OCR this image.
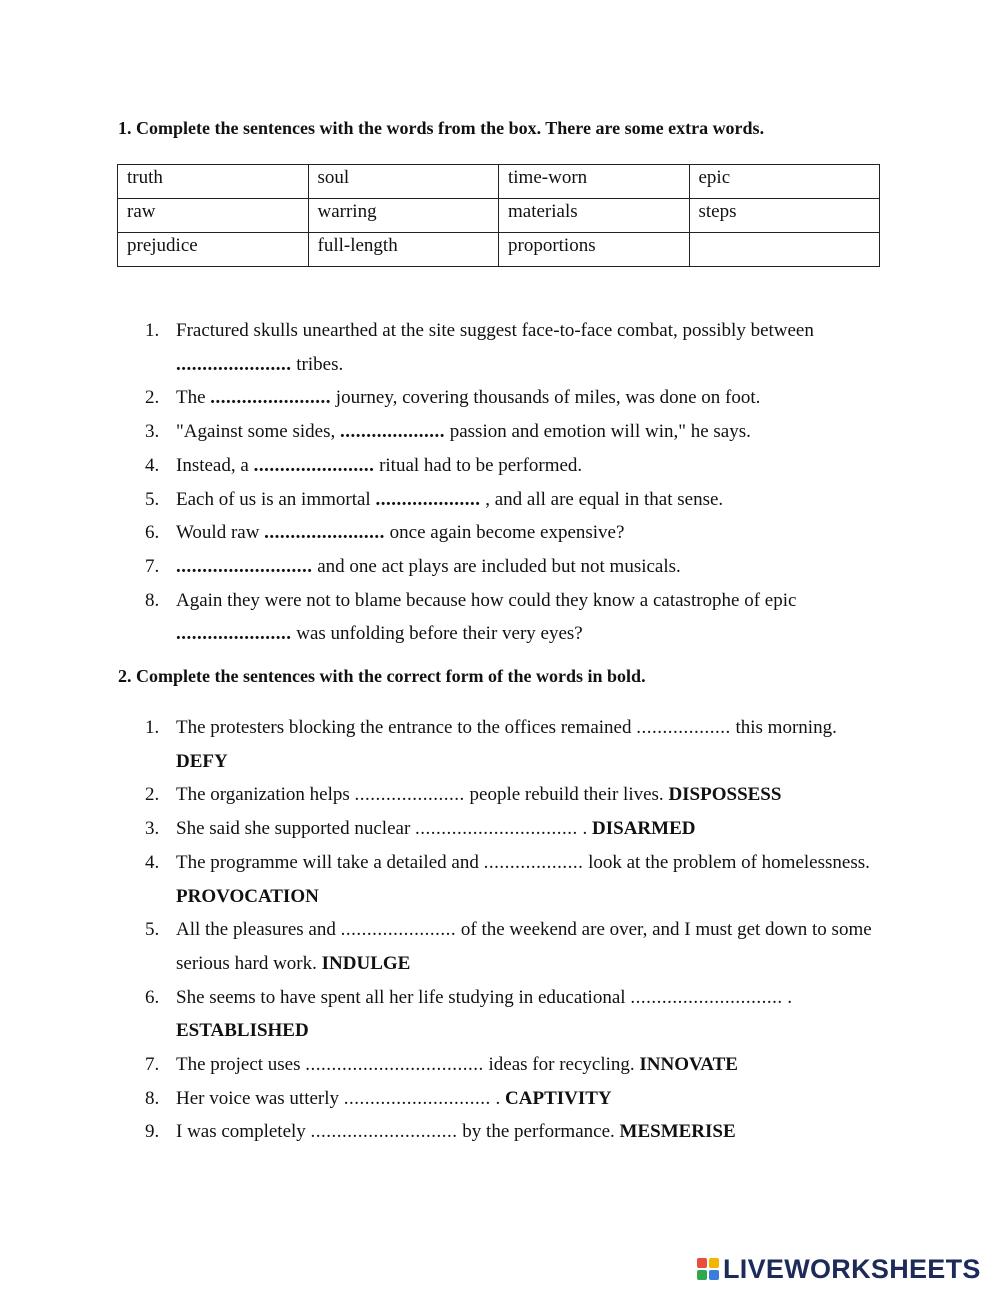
1. Complete the sentences with the words from the box. There are some extra words.
truth	soul	time-worn	epic
raw	warring	materials	steps
prejudice	full-length	proportions	
1. Fractured skulls unearthed at the site suggest face-to-face combat, possibly between
...................... tribes.
2. The ....................... journey, covering thousands of miles, was done on foot.
3. "Against some sides, .................... passion and emotion will win," he says.
4. Instead, a ....................... ritual had to be performed.
5. Each of us is an immortal .................... , and all are equal in that sense.
6. Would raw ....................... once again become expensive?
7. .......................... and one act plays are included but not musicals.
8. Again they were not to blame because how could they know a catastrophe of epic
...................... was unfolding before their very eyes?
2. Complete the sentences with the correct form of the words in bold.
1. The protesters blocking the entrance to the offices remained .................. this morning.
DEFY
2. The organization helps ..................... people rebuild their lives. DISPOSSESS
3. She said she supported nuclear ............................... . DISARMED
4. The programme will take a detailed and ................... look at the problem of homelessness. PROVOCATION
5. All the pleasures and ...................... of the weekend are over, and I must get down to some serious hard work. INDULGE
6. She seems to have spent all her life studying in educational ............................. .
ESTABLISHED
7. The project uses .................................. ideas for recycling. INNOVATE
8. Her voice was utterly ............................ . CAPTIVITY
9. I was completely ............................ by the performance. MESMERISE
LIVEWORKSHEETS
